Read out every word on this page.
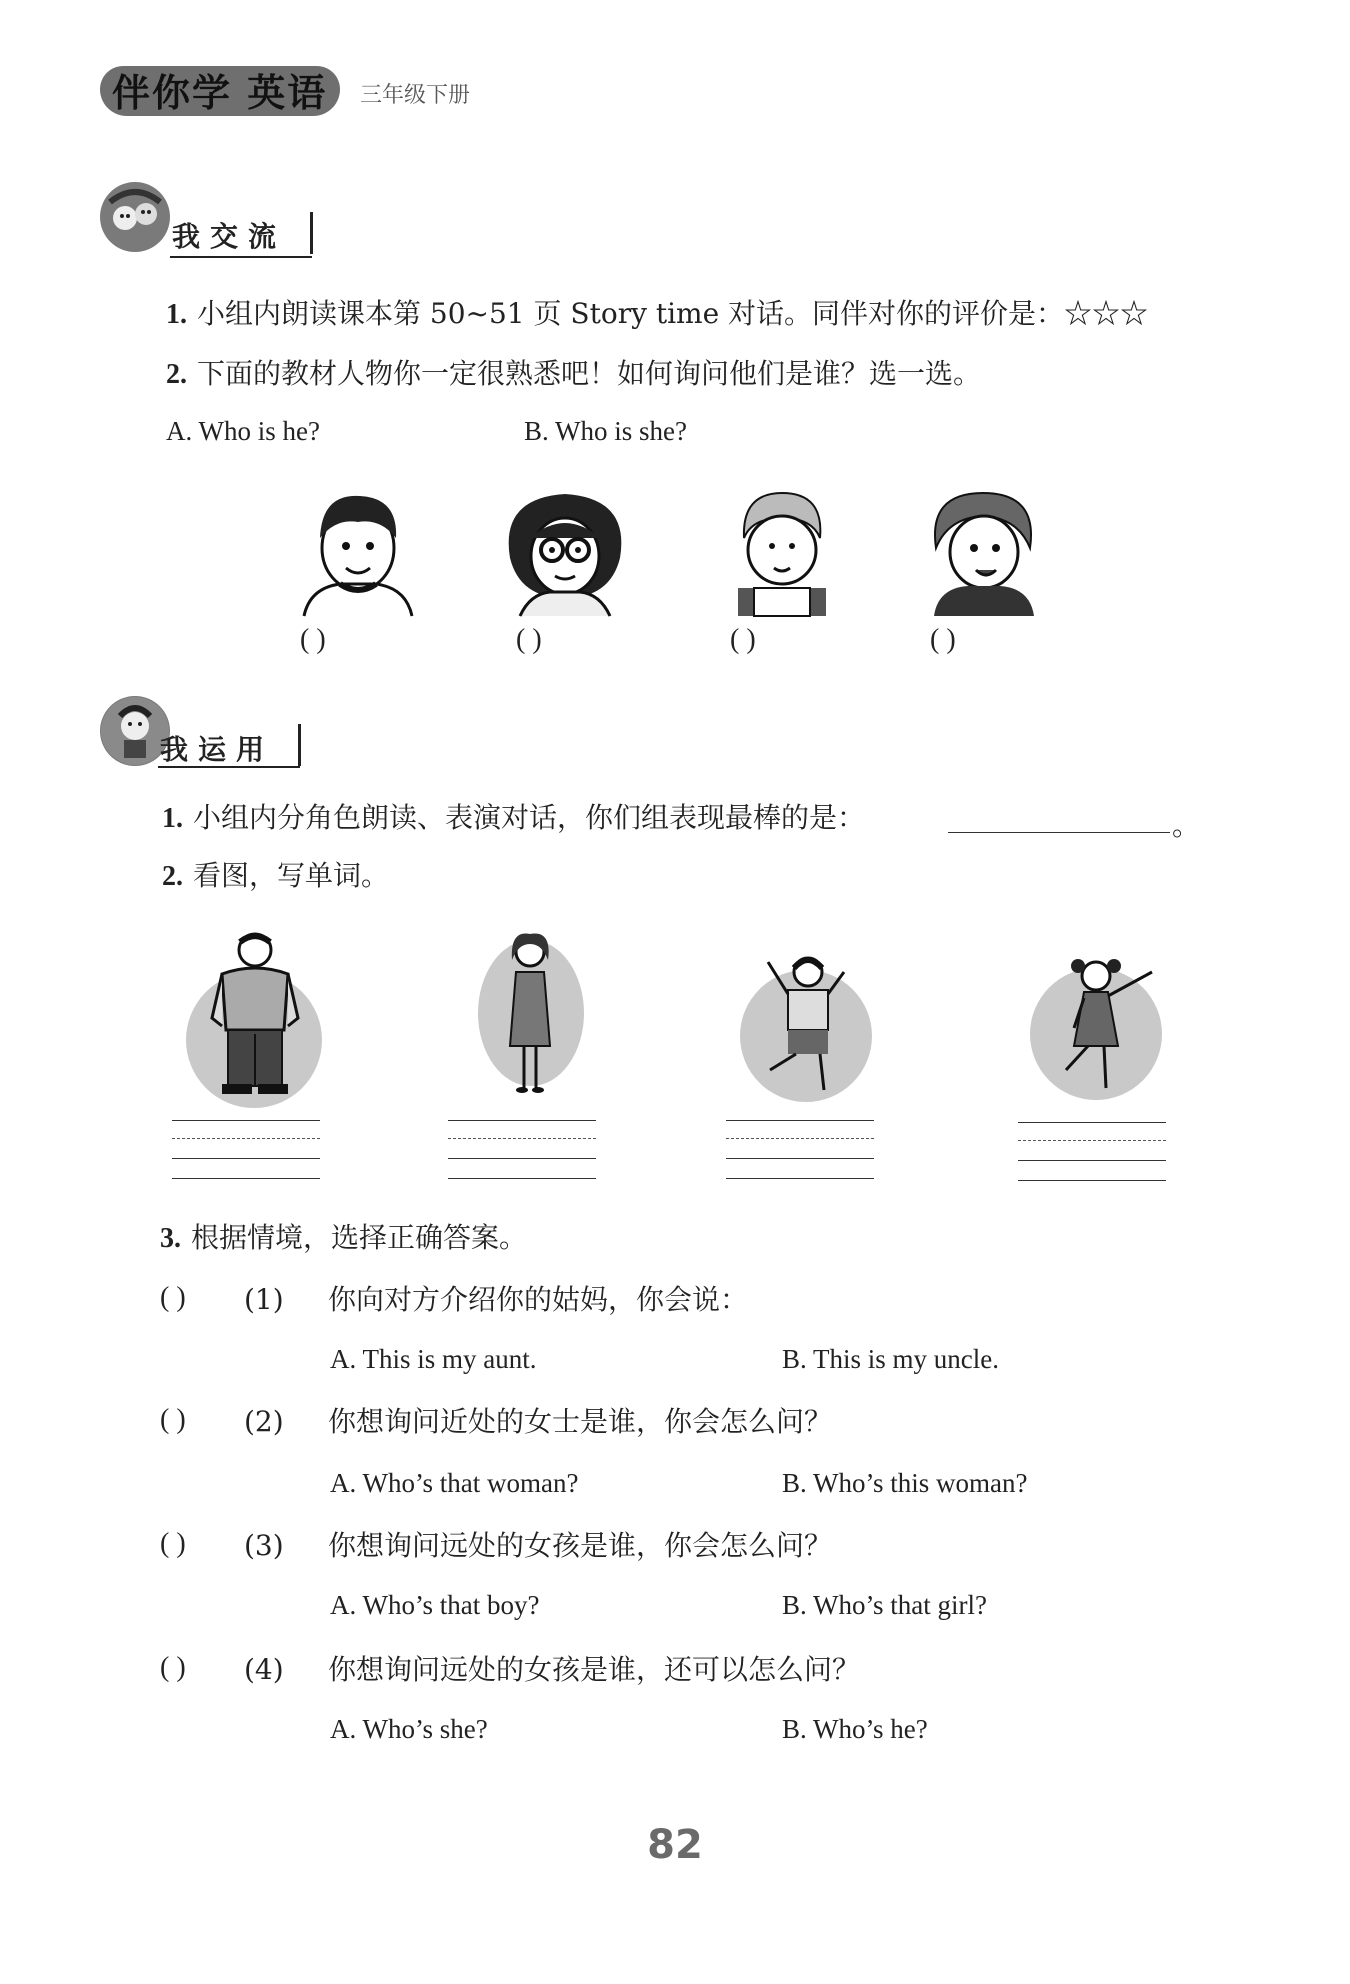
伴你学 英语 三年级下册
我交流
1. 小组内朗读课本第 50~51 页 Story time 对话。同伴对你的评价是：☆☆☆
2. 下面的教材人物你一定很熟悉吧！如何询问他们是谁？选一选。
A. Who is he?	B. Who is she?
( )	( )	( )	( )
我运用
1. 小组内分角色朗读、表演对话，你们组表现最棒的是：	。
2. 看图，写单词。
3. 根据情境，选择正确答案。
( ) (1) 你向对方介绍你的姑妈，你会说：
A. This is my aunt.	B. This is my uncle.
( ) (2) 你想询问近处的女士是谁，你会怎么问？
A. Who’s that woman?	B. Who’s this woman?
( ) (3) 你想询问远处的女孩是谁，你会怎么问？
A. Who’s that boy?	B. Who’s that girl?
( ) (4) 你想询问远处的女孩是谁，还可以怎么问？
A. Who’s she?	B. Who’s he?
82
